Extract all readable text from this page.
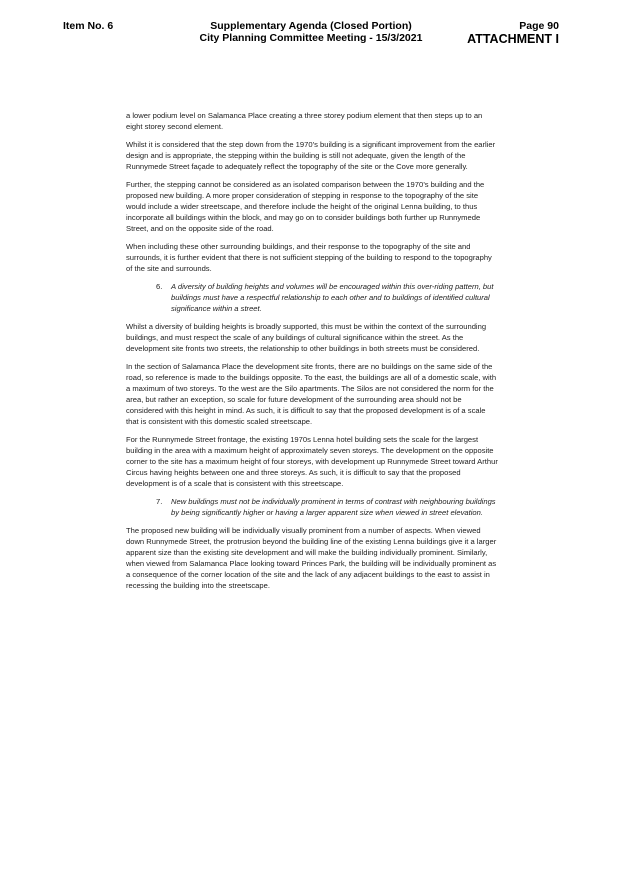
Item No. 6	Supplementary Agenda (Closed Portion)
City Planning Committee Meeting - 15/3/2021
Page 90
ATTACHMENT I

a lower podium level on Salamanca Place creating a three storey podium element that then steps up to an eight storey second element.

Whilst it is considered that the step down from the 1970’s building is a significant improvement from the earlier design and is appropriate, the stepping within the building is still not adequate, given the length of the Runnymede Street façade to adequately reflect the topography of the site or the Cove more generally.

Further, the stepping cannot be considered as an isolated comparison between the 1970’s building and the proposed new building. A more proper consideration of stepping in response to the topography of the site would include a wider streetscape, and therefore include the height of the original Lenna building, to thus incorporate all buildings within the block, and may go on to consider buildings both further up Runnymede Street, and on the opposite side of the road.

When including these other surrounding buildings, and their response to the topography of the site and surrounds, it is further evident that there is not sufficient stepping of the building to respond to the topography of the site and surrounds.

6. A diversity of building heights and volumes will be encouraged within this over-riding pattern, but buildings must have a respectful relationship to each other and to buildings of identified cultural significance within a street.

Whilst a diversity of building heights is broadly supported, this must be within the context of the surrounding buildings, and must respect the scale of any buildings of cultural significance within the street. As the development site fronts two streets, the relationship to other buildings in both streets must be considered.

In the section of Salamanca Place the development site fronts, there are no buildings on the same side of the road, so reference is made to the buildings opposite. To the east, the buildings are all of a domestic scale, with a maximum of two storeys. To the west are the Silo apartments. The Silos are not considered the norm for the area, but rather an exception, so scale for future development of the surrounding area should not be considered with this height in mind. As such, it is difficult to say that the proposed development is of a scale that is consistent with this domestic scaled streetscape.

For the Runnymede Street frontage, the existing 1970s Lenna hotel building sets the scale for the largest building in the area with a maximum height of approximately seven storeys. The development on the opposite corner to the site has a maximum height of four storeys, with development up Runnymede Street toward Arthur Circus having heights between one and three storeys. As such, it is difficult to say that the proposed development is of a scale that is consistent with this streetscape.

7. New buildings must not be individually prominent in terms of contrast with neighbouring buildings by being significantly higher or having a larger apparent size when viewed in street elevation.

The proposed new building will be individually visually prominent from a number of aspects. When viewed down Runnymede Street, the protrusion beyond the building line of the existing Lenna buildings give it a larger apparent size than the existing site development and will make the building individually prominent. Similarly, when viewed from Salamanca Place looking toward Princes Park, the building will be individually prominent as a consequence of the corner location of the site and the lack of any adjacent buildings to the east to assist in recessing the building into the streetscape.
